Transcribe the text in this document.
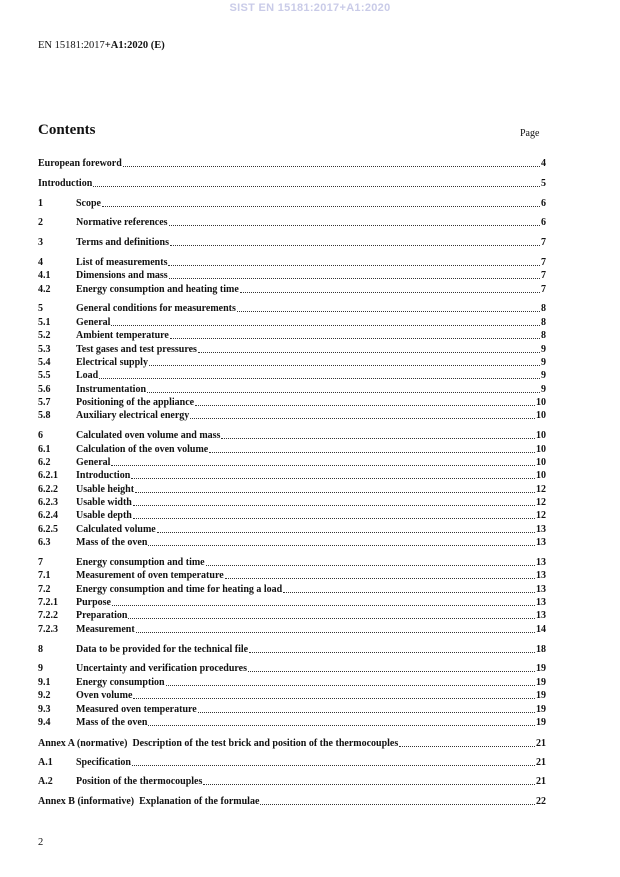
SIST EN 15181:2017+A1:2020
EN 15181:2017+A1:2020 (E)
Contents	Page
European foreword	4
Introduction	5
1	Scope	6
2	Normative references	6
3	Terms and definitions	7
4	List of measurements	7
4.1	Dimensions and mass	7
4.2	Energy consumption and heating time	7
5	General conditions for measurements	8
5.1	General	8
5.2	Ambient temperature	8
5.3	Test gases and test pressures	9
5.4	Electrical supply	9
5.5	Load	9
5.6	Instrumentation	9
5.7	Positioning of the appliance	10
5.8	Auxiliary electrical energy	10
6	Calculated oven volume and mass	10
6.1	Calculation of the oven volume	10
6.2	General	10
6.2.1	Introduction	10
6.2.2	Usable height	12
6.2.3	Usable width	12
6.2.4	Usable depth	12
6.2.5	Calculated volume	13
6.3	Mass of the oven	13
7	Energy consumption and time	13
7.1	Measurement of oven temperature	13
7.2	Energy consumption and time for heating a load	13
7.2.1	Purpose	13
7.2.2	Preparation	13
7.2.3	Measurement	14
8	Data to be provided for the technical file	18
9	Uncertainty and verification procedures	19
9.1	Energy consumption	19
9.2	Oven volume	19
9.3	Measured oven temperature	19
9.4	Mass of the oven	19
Annex A (normative)  Description of the test brick and position of the thermocouples	21
A.1	Specification	21
A.2	Position of the thermocouples	21
Annex B (informative)  Explanation of the formulae	22
2
